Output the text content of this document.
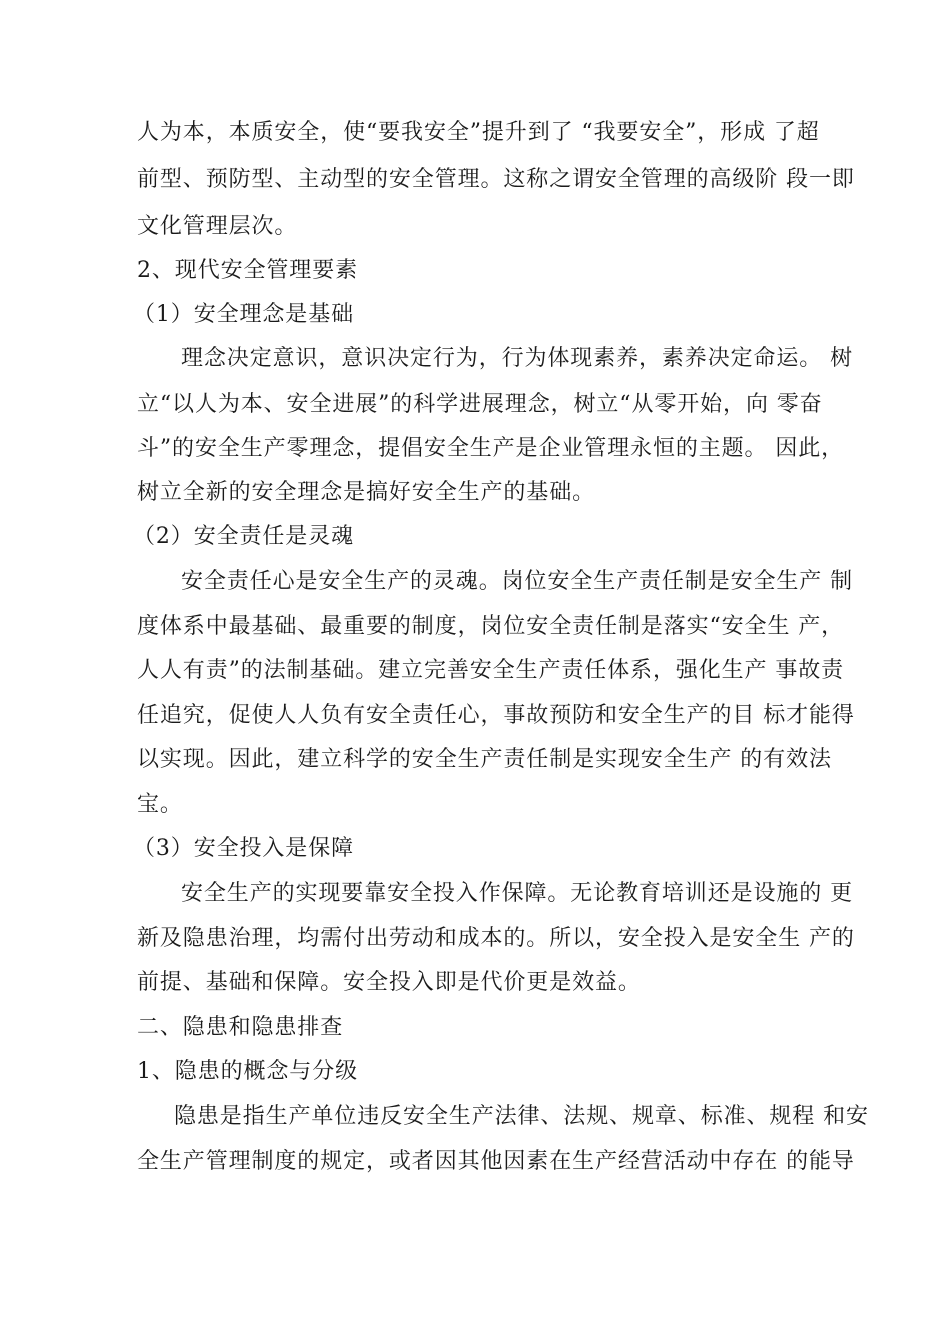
人为本，本质安全，使“要我安全”提升到了 “我要安全”，形成 了超
前型、预防型、主动型的安全管理。这称之谓安全管理的高级阶 段一即
文化管理层次。
2、现代安全管理要素
（1）安全理念是基础
理念决定意识，意识决定行为，行为体现素养，素养决定命运。 树
立“以人为本、安全进展”的科学进展理念，树立“从零开始，向 零奋
斗”的安全生产零理念，提倡安全生产是企业管理永恒的主题。 因此，
树立全新的安全理念是搞好安全生产的基础。
（2）安全责任是灵魂
安全责任心是安全生产的灵魂。岗位安全生产责任制是安全生产 制
度体系中最基础、最重要的制度，岗位安全责任制是落实“安全生 产，
人人有责”的法制基础。建立完善安全生产责任体系，强化生产 事故责
任追究，促使人人负有安全责任心，事故预防和安全生产的目 标才能得
以实现。因此，建立科学的安全生产责任制是实现安全生产 的有效法
宝。
（3）安全投入是保障
安全生产的实现要靠安全投入作保障。无论教育培训还是设施的 更
新及隐患治理，均需付出劳动和成本的。所以，安全投入是安全生 产的
前提、基础和保障。安全投入即是代价更是效益。
二、隐患和隐患排查
1、隐患的概念与分级
隐患是指生产单位违反安全生产法律、法规、规章、标准、规程 和安
全生产管理制度的规定，或者因其他因素在生产经营活动中存在 的能导
